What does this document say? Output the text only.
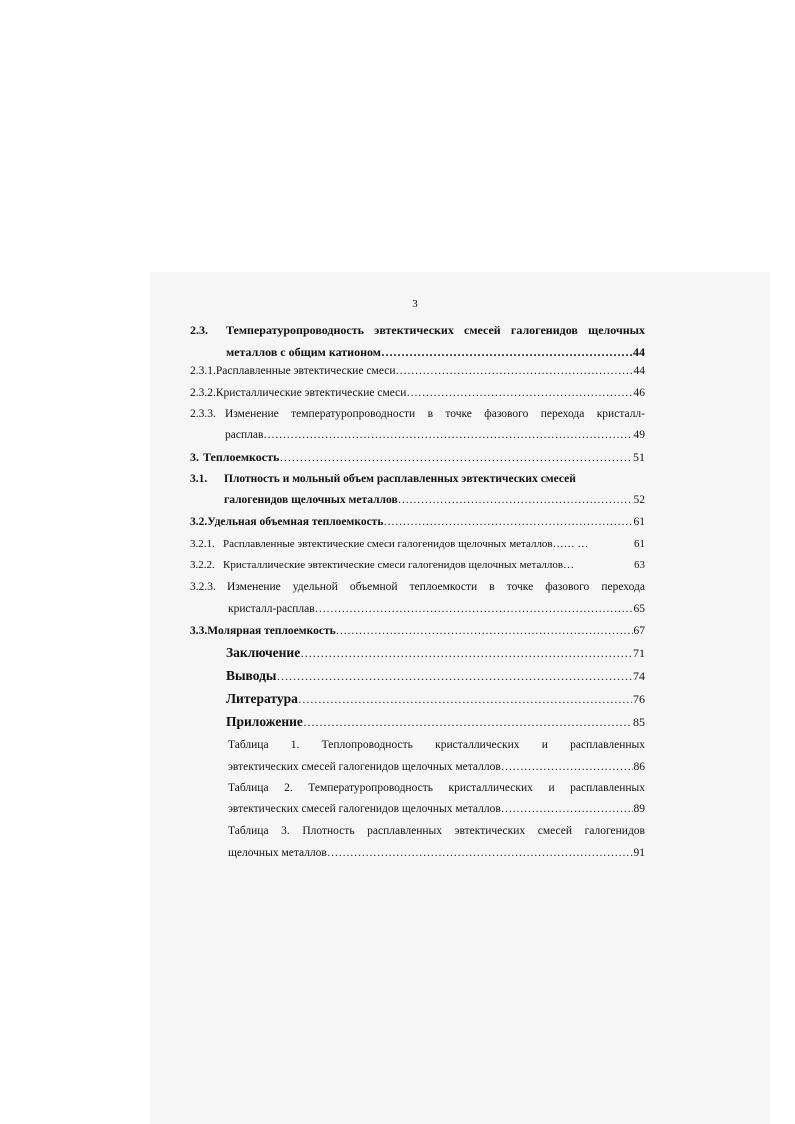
3
2.3.	Температуропроводность эвтектических смесей галогенидов щелочных
металлов с общим катионом ……………………………………………………………………………………………………………………………………………………………………………………………………………	44
2.3.1. Расплавленные эвтектические смеси ……………………………………………………………………………………………………………………………………………………………………………………………………………	44
2.3.2. Кристаллические эвтектические смеси ……………………………………………………………………………………………………………………………………………………………………………………………………………	46
2.3.3. Изменение температуропроводности в точке фазового перехода кристалл-
расплав ……………………………………………………………………………………………………………………………………………………………………………………………………………	49
3. Теплоемкость ……………………………………………………………………………………………………………………………………………………………………………………………………………	51
3.1.	Плотность и мольный объем расплавленных эвтектических смесей
галогенидов щелочных металлов ……………………………………………………………………………………………………………………………………………………………………………………………………………	52
3.2. Удельная объемная теплоемкость ……………………………………………………………………………………………………………………………………………………………………………………………………………	61
3.2.1. Расплавленные эвтектические смеси галогенидов щелочных металлов…… …	61
3.2.2. Кристаллические эвтектические смеси галогенидов щелочных металлов…	63
3.2.3. Изменение удельной объемной теплоемкости в точке фазового перехода
кристалл-расплав ……………………………………………………………………………………………………………………………………………………………………………………………………………	65
3.3. Молярная теплоемкость ……………………………………………………………………………………………………………………………………………………………………………………………………………	67
Заключение ……………………………………………………………………………………………………………………………………………………………………………………………………………	71
Выводы ……………………………………………………………………………………………………………………………………………………………………………………………………………	74
Литература ……………………………………………………………………………………………………………………………………………………………………………………………………………	76
Приложение ……………………………………………………………………………………………………………………………………………………………………………………………………………	85
Таблица 1. Теплопроводность кристаллических и расплавленных
эвтектических смесей галогенидов щелочных металлов ……………………………………………………………………………………………………………………………………………………………………………………………………………	86
Таблица 2. Температуропроводность кристаллических и расплавленных
эвтектических смесей галогенидов щелочных металлов ……………………………………………………………………………………………………………………………………………………………………………………………………………	89
Таблица 3. Плотность расплавленных эвтектических смесей галогенидов
щелочных металлов ……………………………………………………………………………………………………………………………………………………………………………………………………………	91
